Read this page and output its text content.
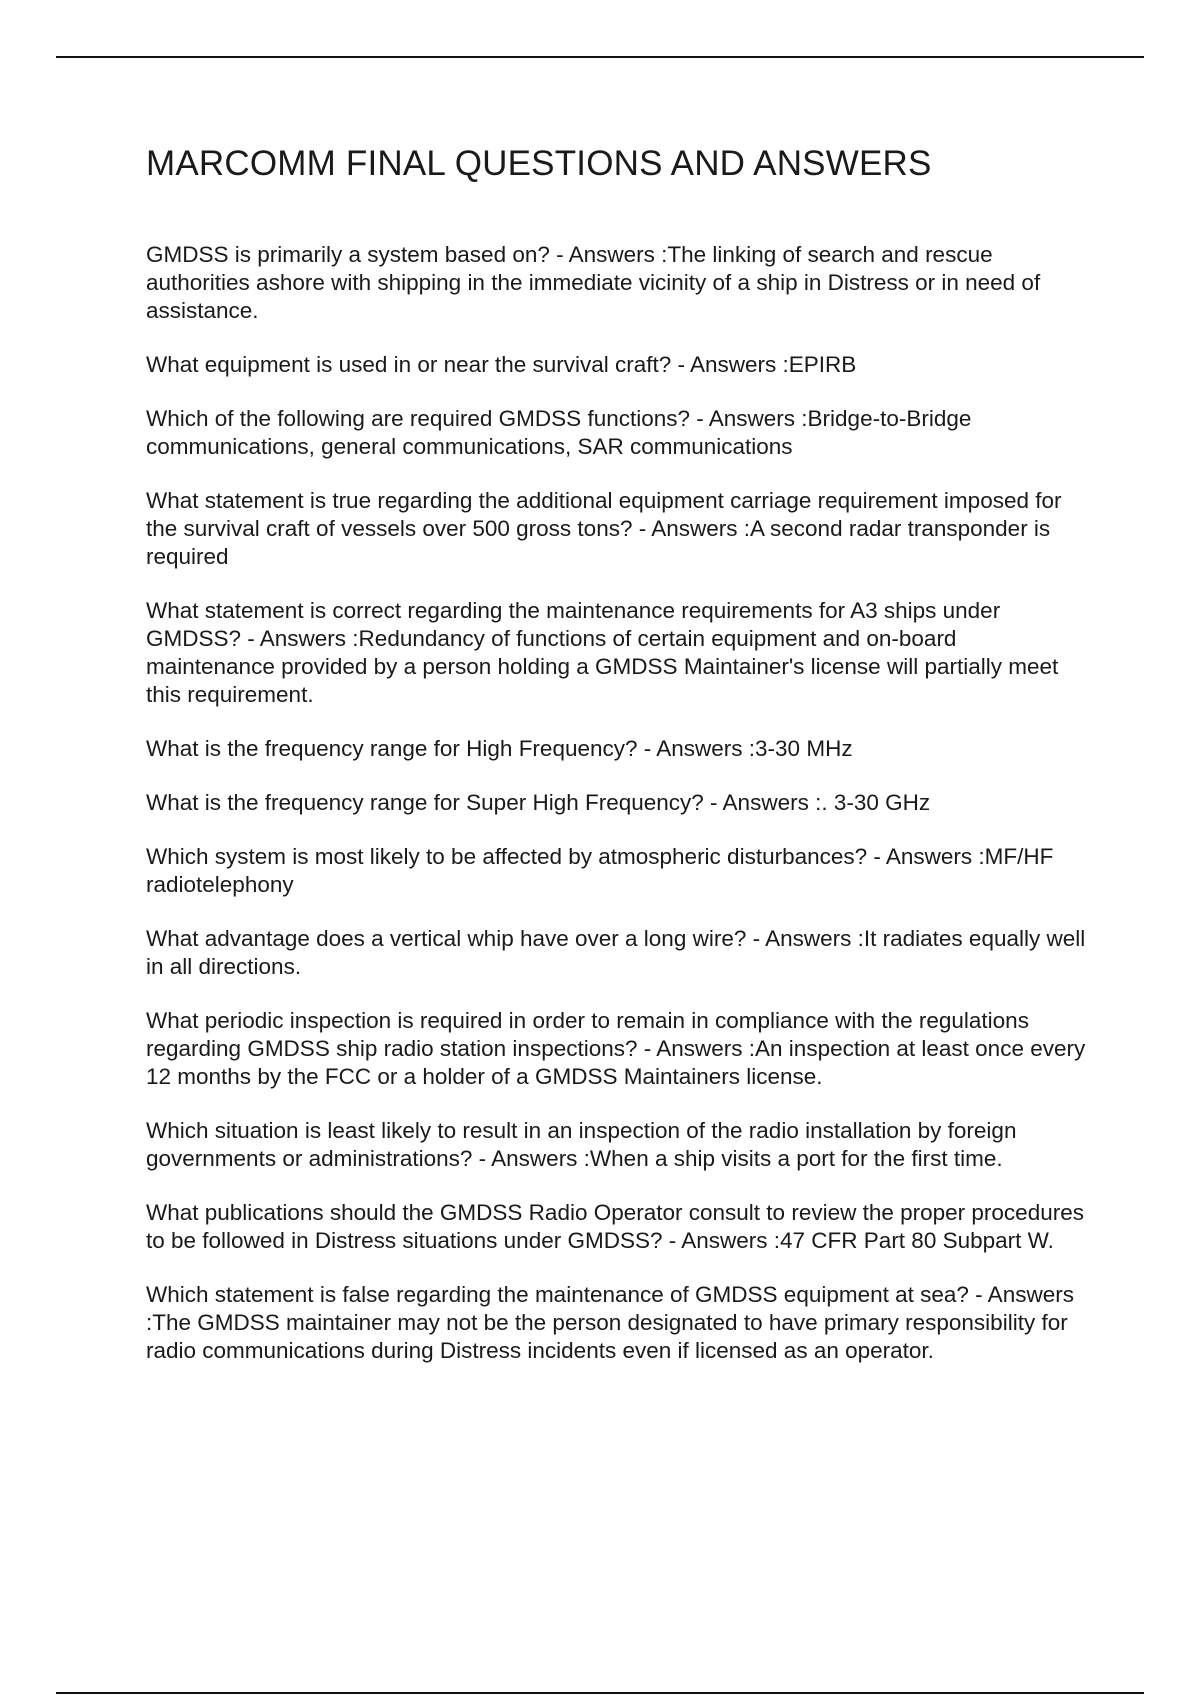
MARCOMM FINAL QUESTIONS AND ANSWERS

GMDSS is primarily a system based on? - Answers :The linking of search and rescue authorities ashore with shipping in the immediate vicinity of a ship in Distress or in need of assistance.

What equipment is used in or near the survival craft? - Answers :EPIRB

Which of the following are required GMDSS functions? - Answers :Bridge-to-Bridge communications, general communications, SAR communications

What statement is true regarding the additional equipment carriage requirement imposed for the survival craft of vessels over 500 gross tons? - Answers :A second radar transponder is required

What statement is correct regarding the maintenance requirements for A3 ships under GMDSS? - Answers :Redundancy of functions of certain equipment and on-board maintenance provided by a person holding a GMDSS Maintainer's license will partially meet this requirement.

What is the frequency range for High Frequency? - Answers :3-30 MHz

What is the frequency range for Super High Frequency? - Answers :. 3-30 GHz

Which system is most likely to be affected by atmospheric disturbances? - Answers :MF/HF radiotelephony

What advantage does a vertical whip have over a long wire? - Answers :It radiates equally well in all directions.

What periodic inspection is required in order to remain in compliance with the regulations regarding GMDSS ship radio station inspections? - Answers :An inspection at least once every 12 months by the FCC or a holder of a GMDSS Maintainers license.

Which situation is least likely to result in an inspection of the radio installation by foreign governments or administrations? - Answers :When a ship visits a port for the first time.

What publications should the GMDSS Radio Operator consult to review the proper procedures to be followed in Distress situations under GMDSS? - Answers :47 CFR Part 80 Subpart W.

Which statement is false regarding the maintenance of GMDSS equipment at sea? - Answers :The GMDSS maintainer may not be the person designated to have primary responsibility for radio communications during Distress incidents even if licensed as an operator.
